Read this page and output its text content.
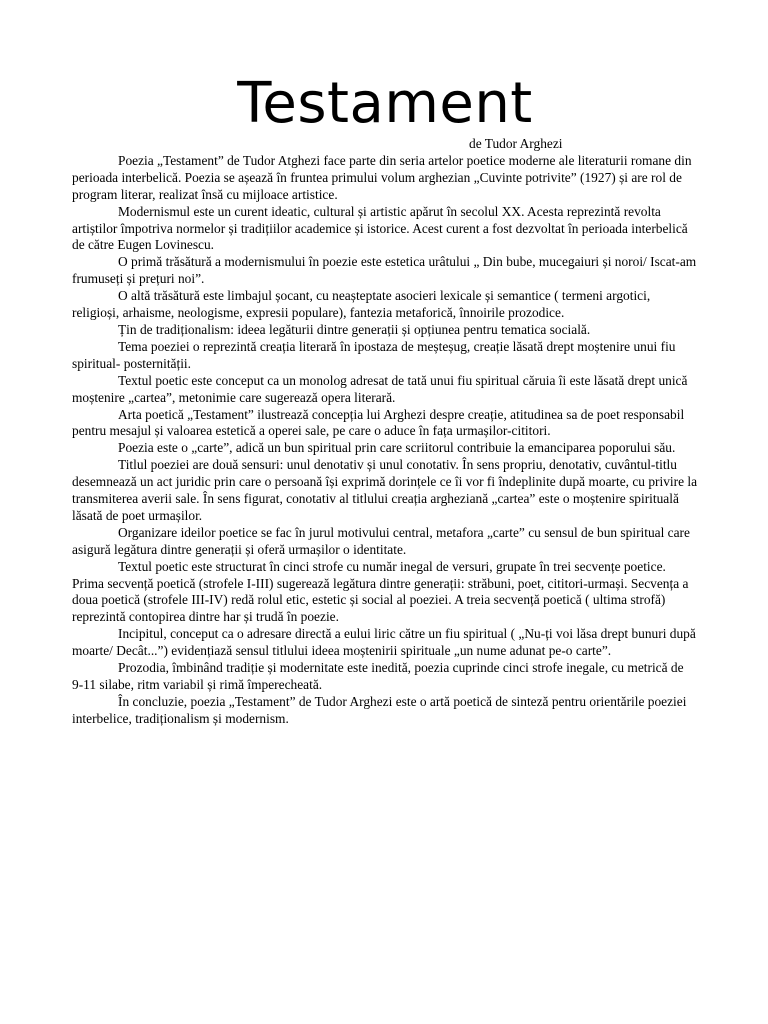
Testament

de Tudor Arghezi

Poezia „Testament” de Tudor Atghezi face parte din seria artelor poetice moderne ale literaturii romane din perioada interbelică. Poezia se așează în fruntea primului volum arghezian „Cuvinte potrivite” (1927) și are rol de program literar, realizat însă cu mijloace artistice.

Modernismul este un curent ideatic, cultural și artistic apărut în secolul XX. Acesta reprezintă revolta artiștilor împotriva normelor și tradițiilor academice și istorice. Acest curent a fost dezvoltat în perioada interbelică de către Eugen Lovinescu.

O primă trăsătură a modernismului în poezie este estetica urâtului „ Din bube, mucegaiuri și noroi/ Iscat-am frumuseți și prețuri noi”.

O altă trăsătură este limbajul șocant, cu neașteptate asocieri lexicale și semantice ( termeni argotici, religioși, arhaisme, neologisme, expresii populare), fantezia metaforică, înnoirile prozodice.

Țin de tradiționalism: ideea legăturii dintre generații și opțiunea pentru tematica socială.

Tema poeziei o reprezintă creația literară în ipostaza de meșteșug, creație lăsată drept moștenire unui fiu spiritual- posternității.

Textul poetic este conceput ca un monolog adresat de tată unui fiu spiritual căruia îi este lăsată drept unică moștenire „cartea”, metonimie care sugerează opera literară.

Arta poetică „Testament” ilustrează concepția lui Arghezi despre creație, atitudinea sa de poet responsabil pentru mesajul și valoarea estetică a operei sale, pe care o aduce în fața urmașilor-cititori.

Poezia este o „carte”, adică un bun spiritual prin care scriitorul contribuie la emanciparea poporului său.

Titlul poeziei are două sensuri: unul denotativ și unul conotativ. În sens propriu, denotativ, cuvântul-titlu desemnează un act juridic prin care o persoană își exprimă dorințele ce îi vor fi îndeplinite după moarte, cu privire la transmiterea averii sale. În sens figurat, conotativ al titlului creația argheziană „cartea” este o moștenire spirituală lăsată de poet urmașilor.

Organizare ideilor poetice se fac în jurul motivului central, metafora „carte” cu sensul de bun spiritual care asigură legătura dintre generații și oferă urmașilor o identitate.

Textul poetic este structurat în cinci strofe cu număr inegal de versuri, grupate în trei secvențe poetice. Prima secvență poetică (strofele I-III) sugerează legătura dintre generații: străbuni, poet, cititori-urmași. Secvența a doua poetică (strofele III-IV) redă rolul etic, estetic și social al poeziei. A treia secvență poetică ( ultima strofă) reprezintă contopirea dintre har și trudă în poezie.

Incipitul, conceput ca o adresare directă a eului liric către un fiu spiritual ( „Nu-ți voi lăsa drept bunuri după moarte/ Decât...”) evidențiază sensul titlului ideea moștenirii spirituale „un nume adunat pe-o carte”.

Prozodia, îmbinând tradiție și modernitate este inedită, poezia cuprinde cinci strofe inegale, cu metrică de 9-11 silabe, ritm variabil și rimă împerecheată.

În concluzie, poezia „Testament” de Tudor Arghezi este o artă poetică de sinteză pentru orientările poeziei interbelice, tradiționalism și modernism.
